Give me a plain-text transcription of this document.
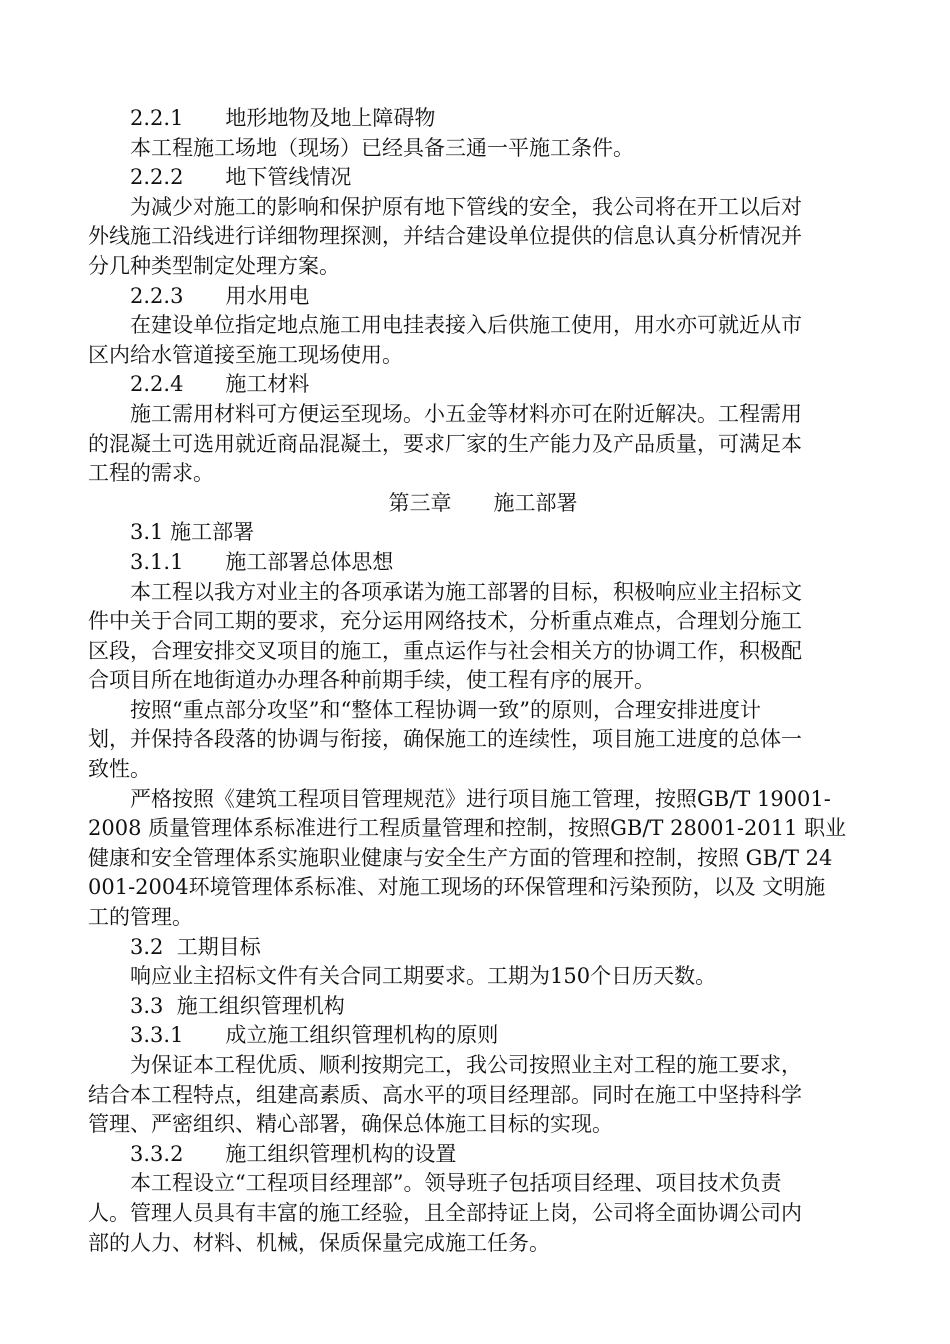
2.2.1　　地形地物及地上障碍物

本工程施工场地（现场）已经具备三通一平施工条件。

2.2.2　　地下管线情况

为减少对施工的影响和保护原有地下管线的安全，我公司将在开工以后对
外线施工沿线进行详细物理探测，并结合建设单位提供的信息认真分析情况并
分几种类型制定处理方案。

2.2.3　　用水用电

在建设单位指定地点施工用电挂表接入后供施工使用，用水亦可就近从市
区内给水管道接至施工现场使用。

2.2.4　　施工材料

施工需用材料可方便运至现场。小五金等材料亦可在附近解决。工程需用
的混凝土可选用就近商品混凝土，要求厂家的生产能力及产品质量，可满足本
工程的需求。

第三章　　施工部署

3.1 施工部署

3.1.1　　施工部署总体思想

本工程以我方对业主的各项承诺为施工部署的目标，积极响应业主招标文
件中关于合同工期的要求，充分运用网络技术，分析重点难点，合理划分施工
区段，合理安排交叉项目的施工，重点运作与社会相关方的协调工作，积极配
合项目所在地街道办办理各种前期手续，使工程有序的展开。
按照“重点部分攻坚”和“整体工程协调一致”的原则，合理安排进度计
划，并保持各段落的协调与衔接，确保施工的连续性，项目施工进度的总体一
致性。
严格按照《建筑工程项目管理规范》进行项目施工管理，按照GB/T 19001-
2008 质量管理体系标准进行工程质量管理和控制，按照GB/T 28001-2011 职业
健康和安全管理体系实施职业健康与安全生产方面的管理和控制，按照 GB/T 24
001-2004环境管理体系标准、对施工现场的环保管理和污染预防，以及 文明施
工的管理。

3.2  工期目标

响应业主招标文件有关合同工期要求。工期为150个日历天数。

3.3  施工组织管理机构

3.3.1　　成立施工组织管理机构的原则

为保证本工程优质、顺利按期完工，我公司按照业主对工程的施工要求，
结合本工程特点，组建高素质、高水平的项目经理部。同时在施工中坚持科学
管理、严密组织、精心部署，确保总体施工目标的实现。

3.3.2　　施工组织管理机构的设置

本工程设立“工程项目经理部”。领导班子包括项目经理、项目技术负责
人。管理人员具有丰富的施工经验，且全部持证上岗，公司将全面协调公司内
部的人力、材料、机械，保质保量完成施工任务。
